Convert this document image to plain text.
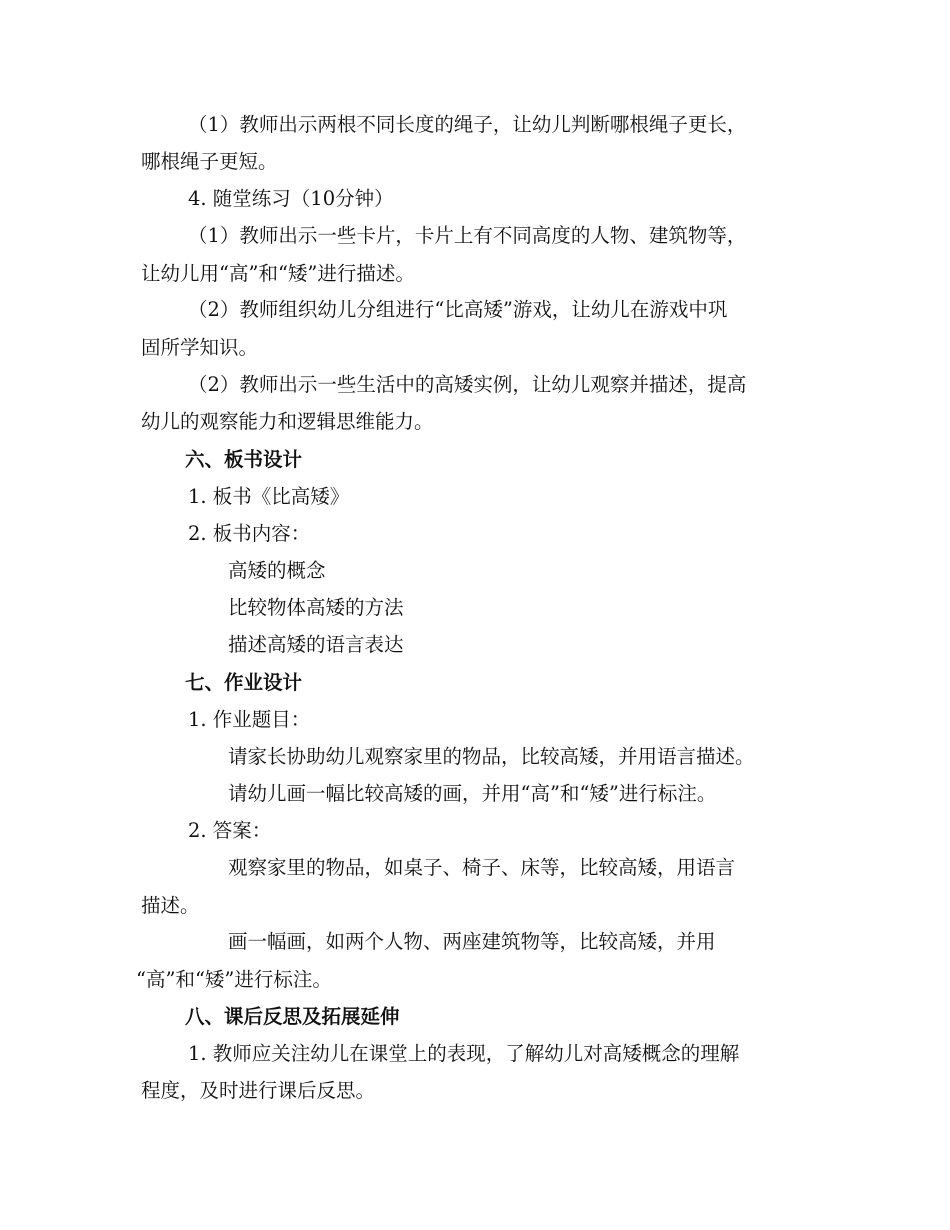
（1）教师出示两根不同长度的绳子，让幼儿判断哪根绳子更长，
哪根绳子更短。
4. 随堂练习（10分钟）
（1）教师出示一些卡片，卡片上有不同高度的人物、建筑物等，
让幼儿用“高”和“矮”进行描述。
（2）教师组织幼儿分组进行“比高矮”游戏，让幼儿在游戏中巩
固所学知识。
（2）教师出示一些生活中的高矮实例，让幼儿观察并描述，提高
幼儿的观察能力和逻辑思维能力。
六、板书设计
1. 板书《比高矮》
2. 板书内容：
高矮的概念
比较物体高矮的方法
描述高矮的语言表达
七、作业设计
1. 作业题目：
请家长协助幼儿观察家里的物品，比较高矮，并用语言描述。
请幼儿画一幅比较高矮的画，并用“高”和“矮”进行标注。
2. 答案：
观察家里的物品，如桌子、椅子、床等，比较高矮，用语言
描述。
画一幅画，如两个人物、两座建筑物等，比较高矮，并用
“高”和“矮”进行标注。
八、课后反思及拓展延伸
1. 教师应关注幼儿在课堂上的表现，了解幼儿对高矮概念的理解
程度，及时进行课后反思。
